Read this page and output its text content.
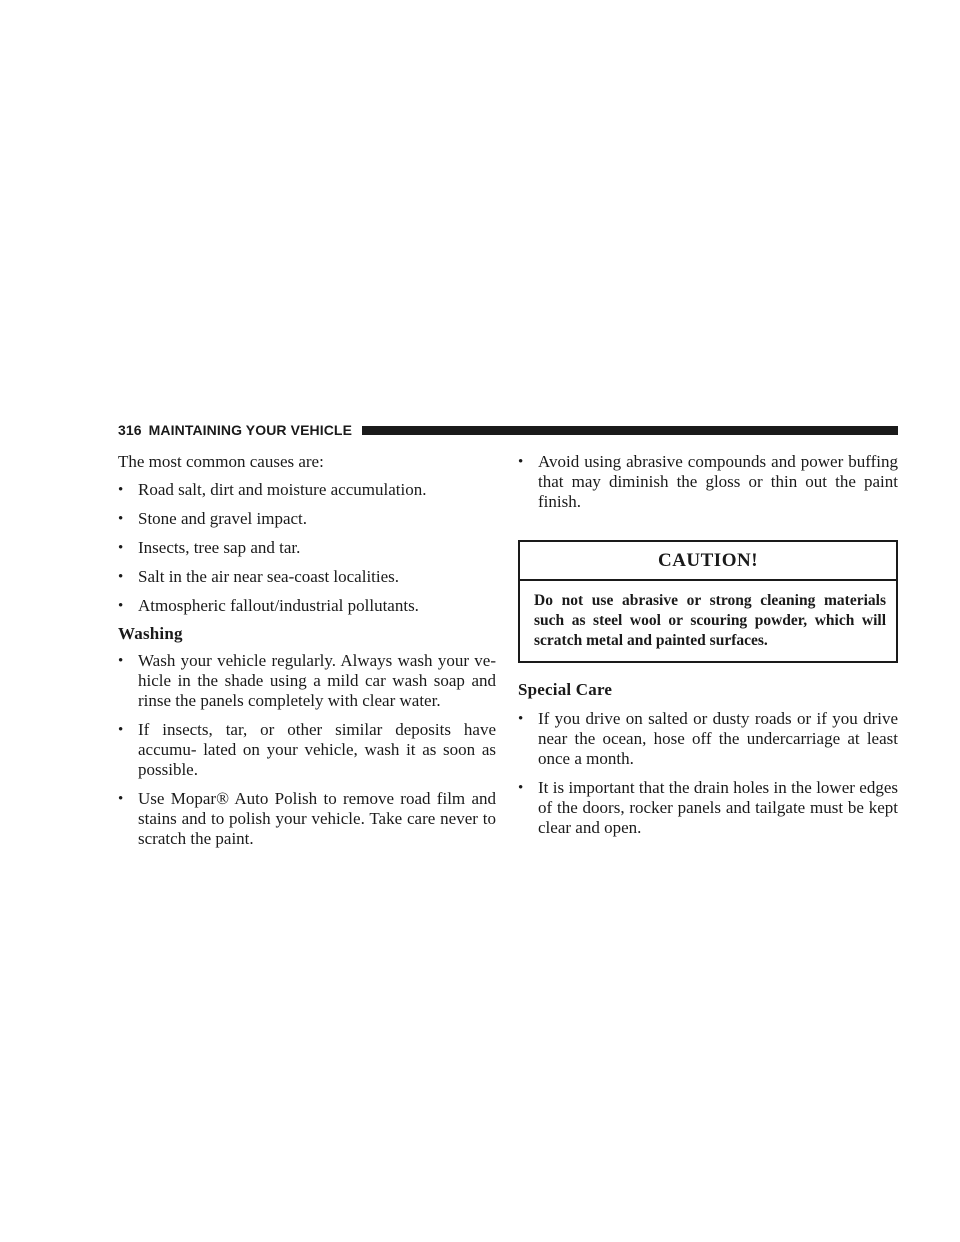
316 MAINTAINING YOUR VEHICLE

The most common causes are:

• Road salt, dirt and moisture accumulation.
• Stone and gravel impact.
• Insects, tree sap and tar.
• Salt in the air near sea-coast localities.
• Atmospheric fallout/industrial pollutants.
Washing
• Wash your vehicle regularly. Always wash your ve- hicle in the shade using a mild car wash soap and rinse the panels completely with clear water.
• If insects, tar, or other similar deposits have accumu- lated on your vehicle, wash it as soon as possible.
• Use Mopar® Auto Polish to remove road film and stains and to polish your vehicle. Take care never to scratch the paint.
• Avoid using abrasive compounds and power buffing that may diminish the gloss or thin out the paint finish.
CAUTION!
Do not use abrasive or strong cleaning materials such as steel wool or scouring powder, which will scratch metal and painted surfaces.
Special Care
• If you drive on salted or dusty roads or if you drive near the ocean, hose off the undercarriage at least once a month.
• It is important that the drain holes in the lower edges of the doors, rocker panels and tailgate must be kept clear and open.
